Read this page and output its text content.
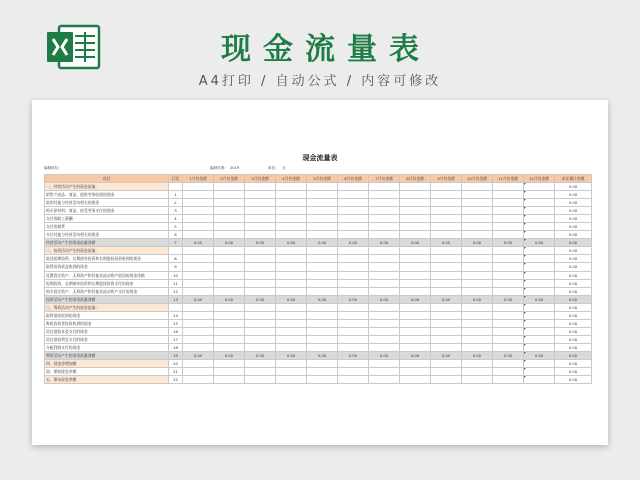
现金流量表
A4打印 / 自动公式 / 内容可修改
现金流量表
编制单位:	编制年度: 2019	单位: 元
项目	行次	1月份金额	2月份金额	3月份金额	4月份金额	5月份金额	6月份金额	7月份金额	8月份金额	9月份金额	10月份金额	11月份金额	12月份金额	本年累计金额
一、经营活动产生的现金流量:														0.00
销售产成品、商品、提供劳务收到的现金	1													0.00
收到其他与经营活动相关的现金	2													0.00
购买原材料、商品、接受劳务支付的现金	3													0.00
支付的职工薪酬	4													0.00
支付的税费	5													0.00
支付其他与经营活动相关的现金	6													0.00
经营活动产生的现金流量净额	7	0.00	0.00	0.00	0.00	0.00	0.00	0.00	0.00	0.00	0.00	0.00	0.00	0.00
二、投资活动产生的现金流量:														0.00
收回短期投资、长期债券投资和长期股权投资收到的现金	8													0.00
取得投资收益收到的现金	9													0.00
处置固定资产、无形资产和其他非流动资产收回的现金净额	10													0.00
短期投资、长期债券投资和长期股权投资支付的现金	11													0.00
购买固定资产、无形资产和其他非流动资产支付的现金	12													0.00
投资活动产生的现金流量净额	13	0.00	0.00	0.00	0.00	0.00	0.00	0.00	0.00	0.00	0.00	0.00	0.00	0.00
三、筹资活动产生的现金流量:														0.00
取得借款收到的现金	14													0.00
吸收投资者投资收到的现金	15													0.00
偿还借款本金支付的现金	16													0.00
偿还借款利息支付的现金	17													0.00
分配利润支付的现金	18													0.00
筹资活动产生的现金流量净额	19	0.00	0.00	0.00	0.00	0.00	0.00	0.00	0.00	0.00	0.00	0.00	0.00	0.00
四、现金净增加额	20													0.00
加：期初现金余额	21													0.00
五、期末现金余额	22													0.00
